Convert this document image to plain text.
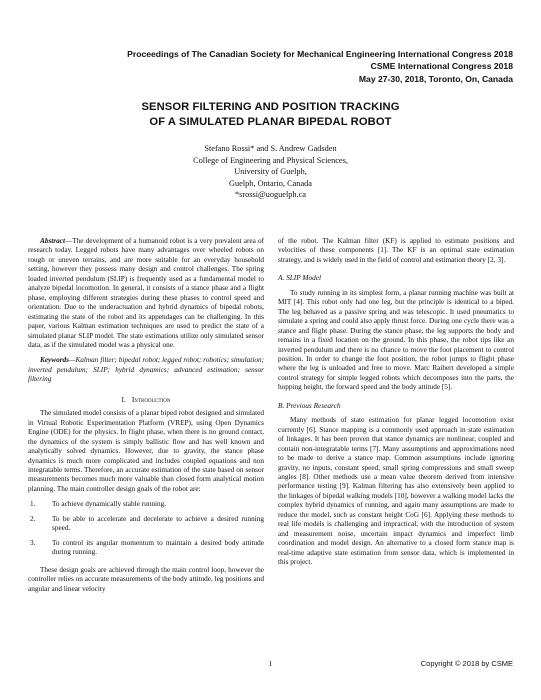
Proceedings of The Canadian Society for Mechanical Engineering International Congress 2018
CSME International Congress 2018
May 27-30, 2018, Toronto, On, Canada
SENSOR FILTERING AND POSITION TRACKING
OF A SIMULATED PLANAR BIPEDAL ROBOT
Stefano Rossi* and S. Andrew Gadsden
College of Engineering and Physical Sciences,
University of Guelph,
Guelph, Ontario, Canada
*srossi@uoguelph.ca

Abstract—The development of a humanoid robot is a very prevalent area of research today. Legged robots have many advantages over wheeled robots on rough or uneven terrains, and are more suitable for an everyday household setting, however they possess many design and control challenges. The spring loaded inverted pendulum (SLIP) is frequently used as a fundamental model to analyze bipedal locomotion. In general, it consists of a stance phase and a flight phase, employing different strategies during these phases to control speed and orientation. Due to the underactuation and hybrid dynamics of bipedal robots, estimating the state of the robot and its appendages can be challenging. In this paper, various Kalman estimation techniques are used to predict the state of a simulated planar SLIP model. The state estimations utilize only simulated sensor data, as if the simulated model was a physical one.

Keywords—Kalman filter; bipedal robot; legged robot; robotics; simulation; inverted pendulum; SLIP; hybrid dynamics; advanced estimation; sensor filtering

I. Introduction

The simulated model consists of a planar biped robot designed and simulated in Virtual Robotic Experimentation Platform (VREP), using Open Dynamics Engine (ODE) for the physics. In flight phase, when there is no ground contact, the dynamics of the system is simply ballistic flow and has well known and analytically solved dynamics. However, due to gravity, the stance phase dynamics is much more complicated and includes coupled equations and non integratable terms. Therefore, an accurate estimation of the state based on sensor measurements becomes much more valuable than closed form analytical motion planning. The main controller design goals of the robot are:

1.	To achieve dynamically stable running.
2.	To be able to accelerate and decelerate to achieve a desired running speed.
3.	To control its angular momentum to maintain a desired body attitude during running.

These design goals are achieved through the main control loop, however the controller relies on accurate measurements of the body attitude, leg positions and angular and linear velocity

of the robot. The Kalman filter (KF) is applied to estimate positions and velocities of these components [1]. The KF is an optimal state estimation strategy, and is widely used in the field of control and estimation theory [2, 3].

A. SLIP Model

To study running in its simplest form, a planar running machine was built at MIT [4]. This robot only had one leg, but the principle is identical to a biped. The leg behaved as a passive spring and was telescopic. It used pneumatics to simulate a spring and could also apply thrust force. During one cycle there was a stance and flight phase. During the stance phase, the leg supports the body and remains in a fixed location on the ground. In this phase, the robot tips like an inverted pendulum and there is no chance to move the foot placement to control position. In order to change the foot position, the robot jumps to flight phase where the leg is unloaded and free to move. Marc Raibert developed a simple control strategy for simple legged robots which decomposes into the parts, the hopping height, the forward speed and the body attitude [5].

B. Previous Research

Many methods of state estimation for planar legged locomotion exist currently [6]. Stance mapping is a commonly used approach in state estimation of linkages. It has been proven that stance dynamics are nonlinear, coupled and contain non-integratable terms [7]. Many assumptions and approximations need to be made to derive a stance map. Common assumptions include ignoring gravity, no inputs, constant speed, small spring compressions and small sweep angles [8]. Other methods use a mean value theorem derived from intensive performance testing [9]. Kalman filtering has also extensively been applied to the linkages of bipedal walking models [10], however a walking model lacks the complex hybrid dynamics of running, and again many assumptions are made to reduce the model, such as constant height CoG [6]. Applying these methods to real life models is challenging and impractical, with the introduction of system and measurement noise, uncertain impact dynamics and imperfect limb coordination and model design. An alternative to a closed form stance map is real-time adaptive state estimation from sensor data, which is implemented in this project.

1	Copyright © 2018 by CSME
